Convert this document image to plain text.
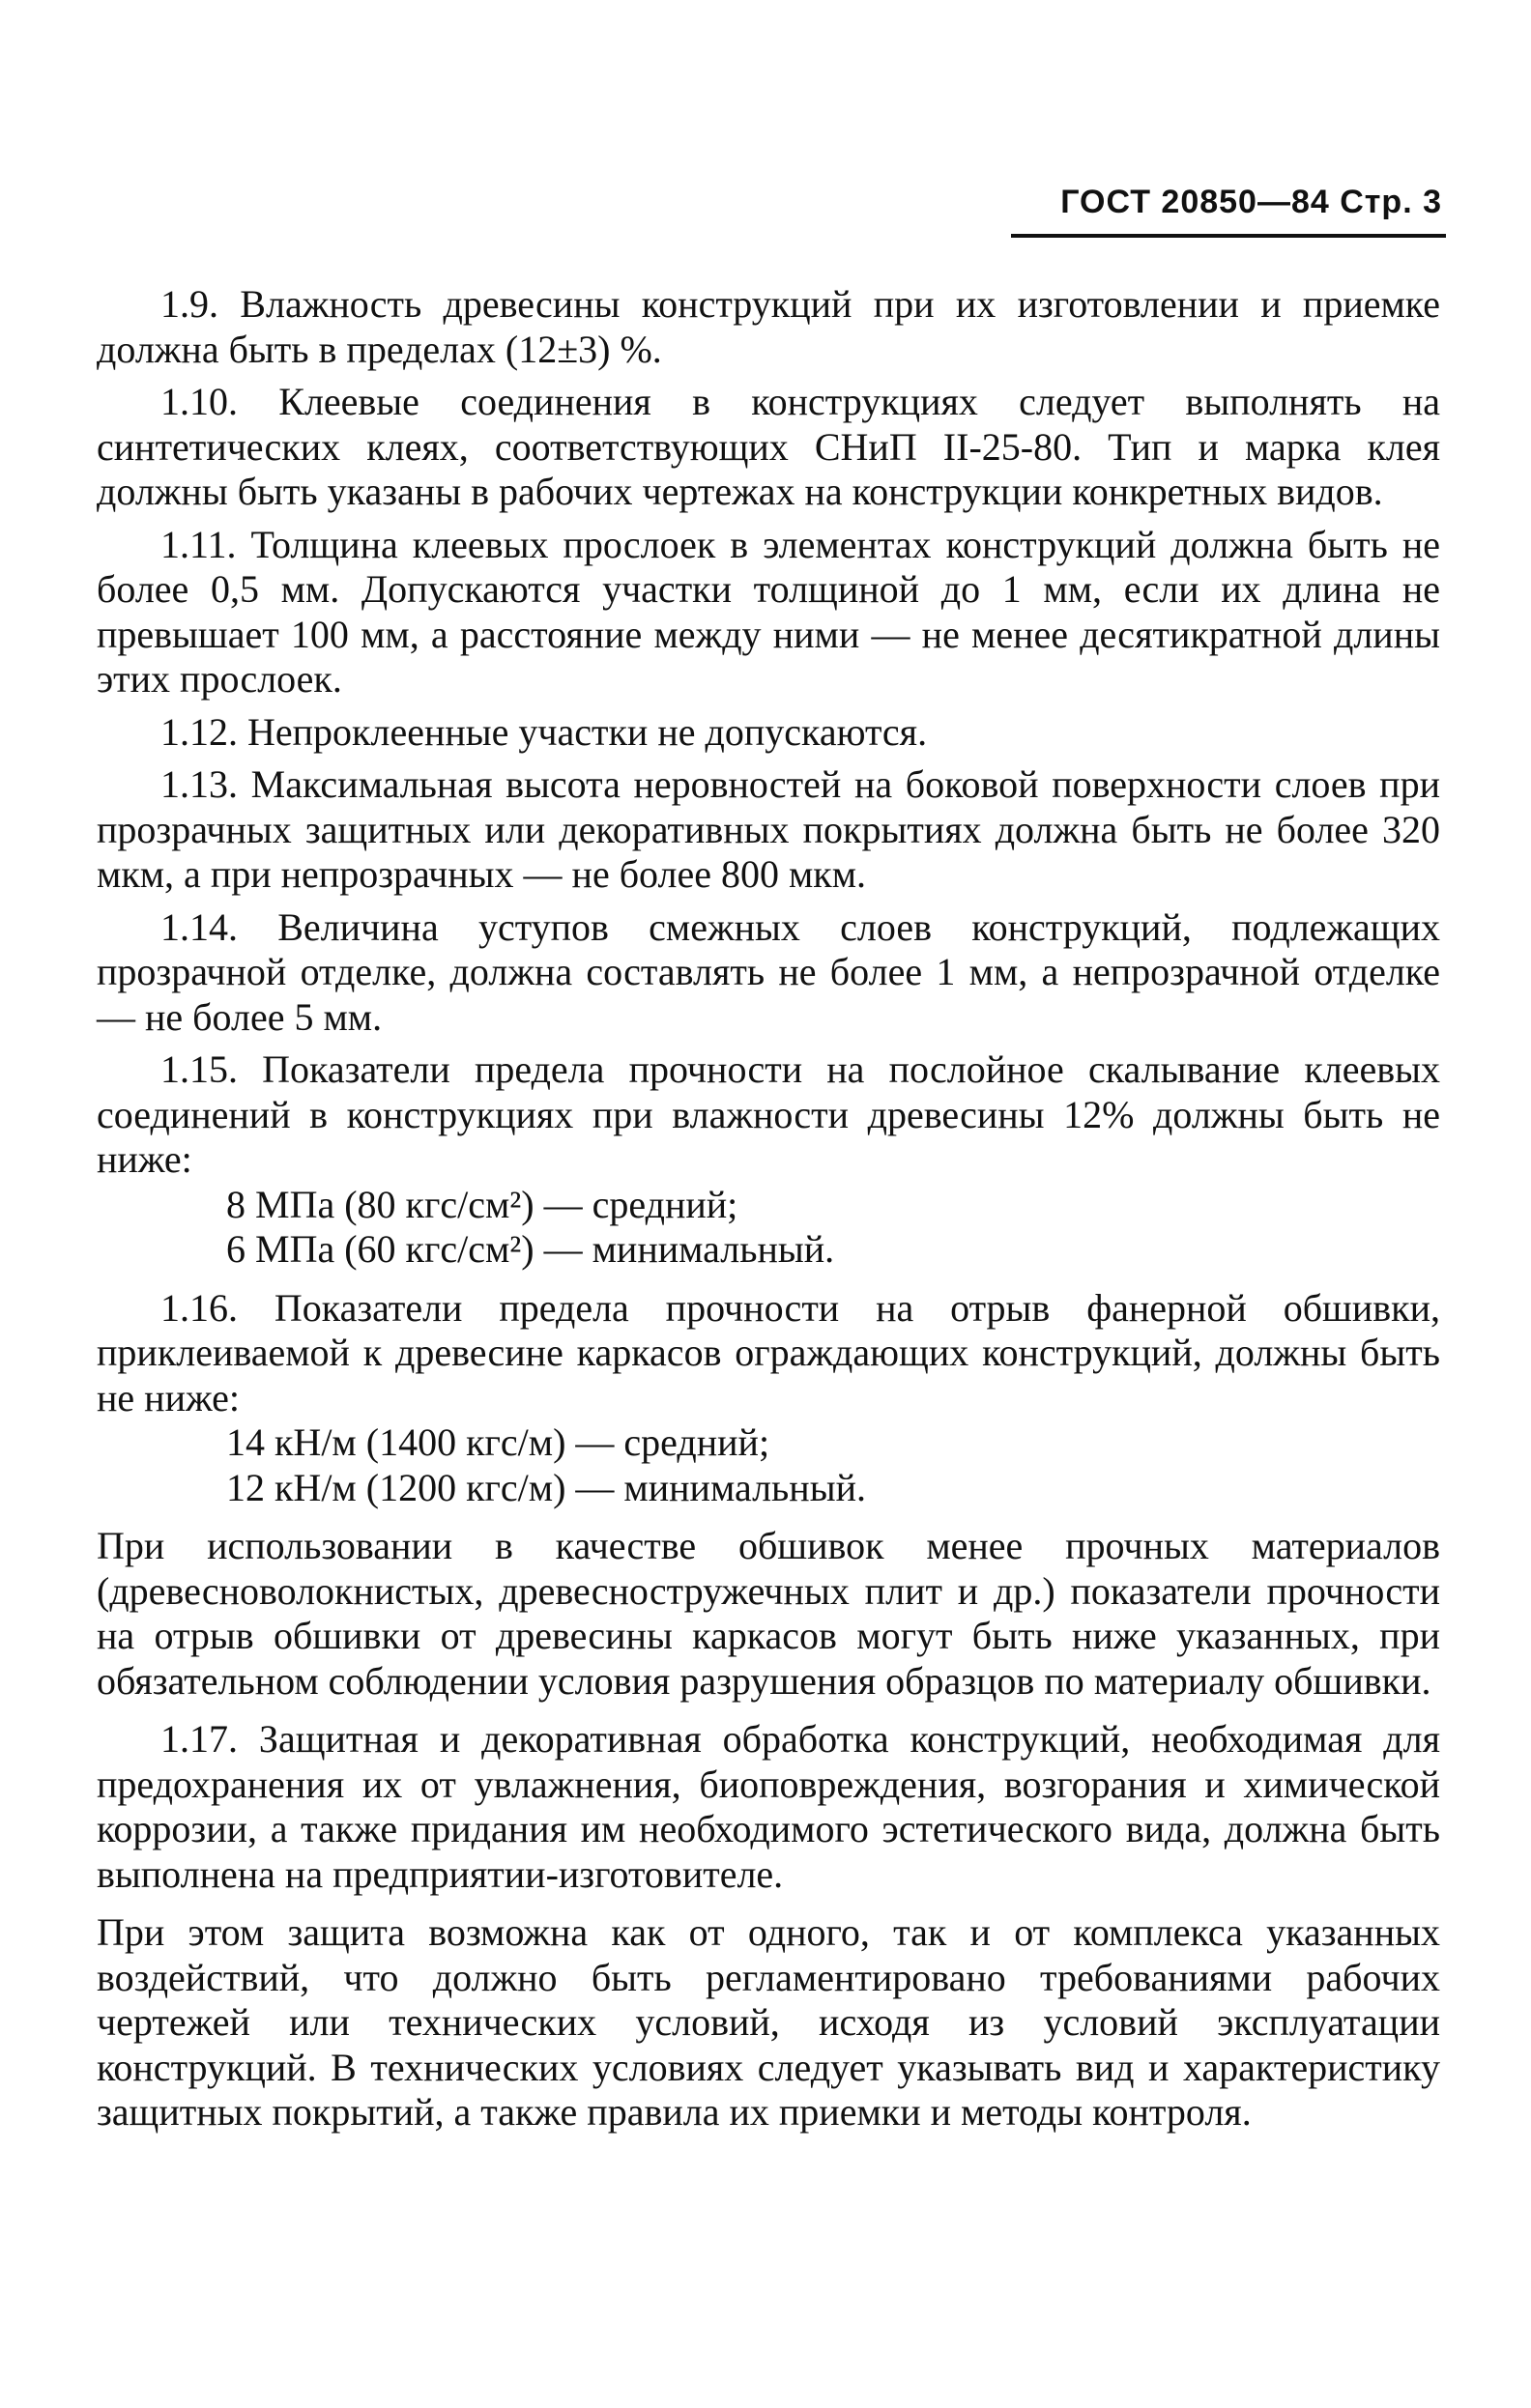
ГОСТ 20850—84 Стр. 3

1.9. Влажность древесины конструкций при их изготовлении и приемке должна быть в пределах (12±3) %.

1.10. Клеевые соединения в конструкциях следует выполнять на синтетических клеях, соответствующих СНиП II-25-80. Тип и марка клея должны быть указаны в рабочих чертежах на конструкции конкретных видов.

1.11. Толщина клеевых прослоек в элементах конструкций должна быть не более 0,5 мм. Допускаются участки толщиной до 1 мм, если их длина не превышает 100 мм, а расстояние между ними — не менее десятикратной длины этих прослоек.

1.12. Непроклеенные участки не допускаются.

1.13. Максимальная высота неровностей на боковой поверхности слоев при прозрачных защитных или декоративных покрытиях должна быть не более 320 мкм, а при непрозрачных — не более 800 мкм.

1.14. Величина уступов смежных слоев конструкций, подлежащих прозрачной отделке, должна составлять не более 1 мм, а непрозрачной отделке — не более 5 мм.

1.15. Показатели предела прочности на послойное скалывание клеевых соединений в конструкциях при влажности древесины 12% должны быть не ниже:

8 МПа (80 кгс/см²) — средний;

6 МПа (60 кгс/см²) — минимальный.

1.16. Показатели предела прочности на отрыв фанерной обшивки, приклеиваемой к древесине каркасов ограждающих конструкций, должны быть не ниже:

14 кН/м (1400 кгс/м) — средний;

12 кН/м (1200 кгс/м) — минимальный.

При использовании в качестве обшивок менее прочных материалов (древесноволокнистых, древесностружечных плит и др.) показатели прочности на отрыв обшивки от древесины каркасов могут быть ниже указанных, при обязательном соблюдении условия разрушения образцов по материалу обшивки.

1.17. Защитная и декоративная обработка конструкций, необходимая для предохранения их от увлажнения, биоповреждения, возгорания и химической коррозии, а также придания им необходимого эстетического вида, должна быть выполнена на предприятии-изготовителе.

При этом защита возможна как от одного, так и от комплекса указанных воздействий, что должно быть регламентировано требованиями рабочих чертежей или технических условий, исходя из условий эксплуатации конструкций. В технических условиях следует указывать вид и характеристику защитных покрытий, а также правила их приемки и методы контроля.
